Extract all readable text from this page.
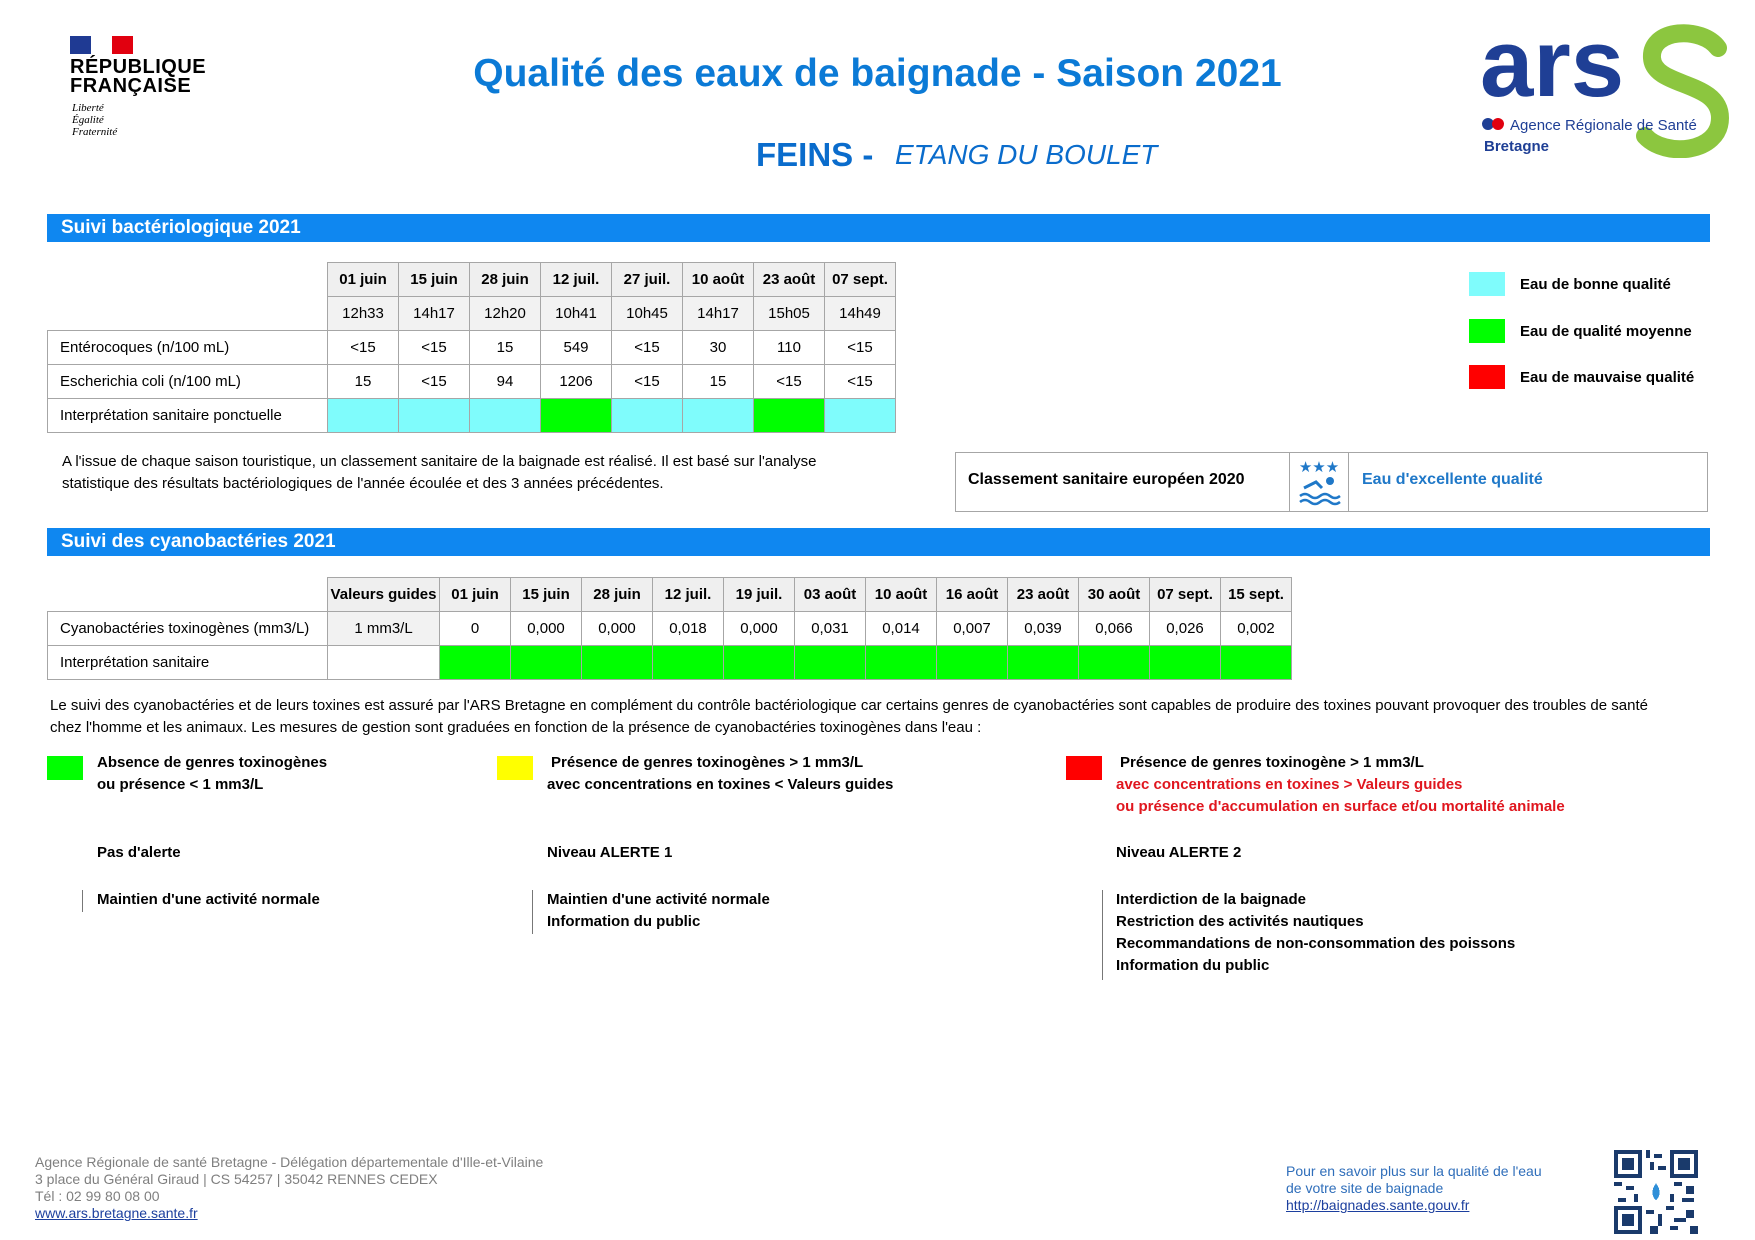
RÉPUBLIQUE
FRANÇAISE
Liberté
Égalité
Fraternité
Qualité des eaux de baignade - Saison 2021
FEINS - ETANG DU BOULET
ars
Agence Régionale de Santé
Bretagne
Suivi bactériologique 2021
	01 juin	15 juin	28 juin	12 juil.	27 juil.	10 août	23 août	07 sept.
	12h33	14h17	12h20	10h41	10h45	14h17	15h05	14h49
Entérocoques (n/100 mL)	<15	<15	15	549	<15	30	110	<15
Escherichia coli (n/100 mL)	15	<15	94	1206	<15	15	<15	<15
Interprétation sanitaire ponctuelle								
Eau de bonne qualité
Eau de qualité moyenne
Eau de mauvaise qualité
A l'issue de chaque saison touristique, un classement sanitaire de la baignade est réalisé. Il est basé sur l'analyse
statistique des résultats bactériologiques de l'année écoulée et des 3 années précédentes.	Classement sanitaire européen 2020
★★★
Eau d'excellente qualité
Suivi des cyanobactéries 2021
	Valeurs guides	01 juin	15 juin	28 juin	12 juil.	19 juil.	03 août	10 août	16 août	23 août	30 août	07 sept.	15 sept.
Cyanobactéries toxinogènes (mm3/L)	1 mm3/L	0	0,000	0,000	0,018	0,000	0,031	0,014	0,007	0,039	0,066	0,026	0,002
Interprétation sanitaire													
Le suivi des cyanobactéries et de leurs toxines est assuré par l'ARS Bretagne en complément du contrôle bactériologique car certains genres de cyanobactéries sont capables de produire des toxines pouvant provoquer des troubles de santé
chez l'homme et les animaux. Les mesures de gestion sont graduées en fonction de la présence de cyanobactéries toxinogènes dans l'eau :
Absence de genres toxinogènes
ou présence < 1 mm3/L
Pas d'alerte
Maintien d'une activité normale
Présence de genres toxinogènes > 1 mm3/L
avec concentrations en toxines < Valeurs guides
Niveau ALERTE 1
Maintien d'une activité normale
Information du public
Présence de genres toxinogène > 1 mm3/L
avec concentrations en toxines > Valeurs guides
ou présence d'accumulation en surface et/ou mortalité animale
Niveau ALERTE 2
Interdiction de la baignade
Restriction des activités nautiques
Recommandations de non-consommation des poissons
Information du public
Agence Régionale de santé Bretagne - Délégation départementale d'Ille-et-Vilaine
3 place du Général Giraud | CS 54257 | 35042 RENNES CEDEX
Tél : 02 99 80 08 00
www.ars.bretagne.sante.fr
Pour en savoir plus sur la qualité de l'eau
de votre site de baignade
http://baignades.sante.gouv.fr
